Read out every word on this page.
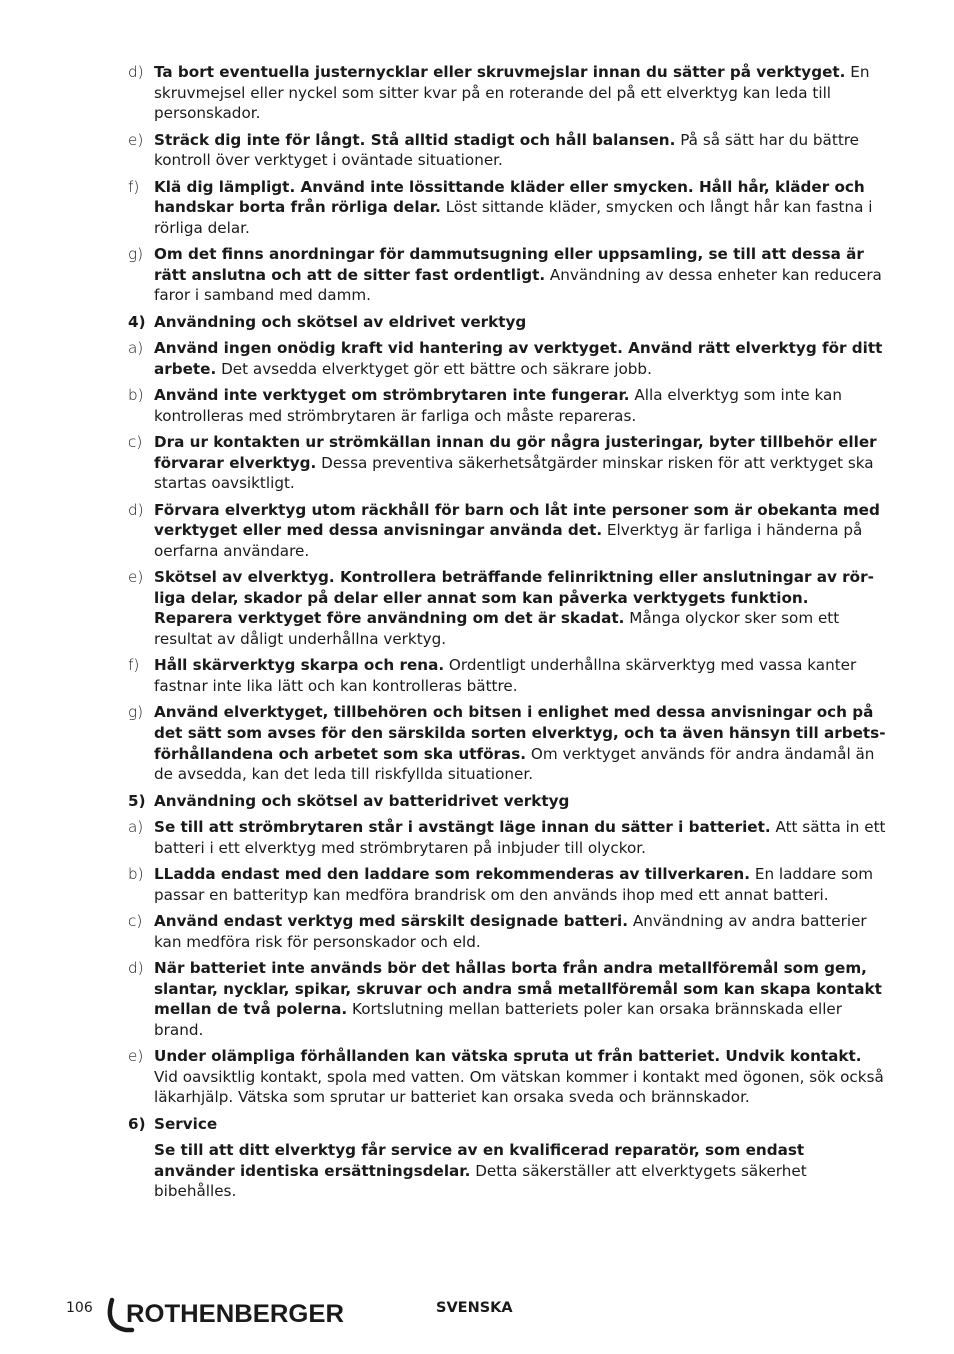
d) Ta bort eventuella justernycklar eller skruvmejslar innan du sätter på verktyget. En skruvmejsel eller nyckel som sitter kvar på en roterande del på ett elverktyg kan leda till personskador.
e) Sträck dig inte för långt. Stå alltid stadigt och håll balansen. På så sätt har du bättre kontroll över verktyget i oväntade situationer.
f) Klä dig lämpligt. Använd inte lössittande kläder eller smycken. Håll hår, kläder och handskar borta från rörliga delar. Löst sittande kläder, smycken och långt hår kan fastna i rörliga delar.
g) Om det finns anordningar för dammutsugning eller uppsamling, se till att dessa är rätt anslutna och att de sitter fast ordentligt. Användning av dessa enheter kan reducera faror i samband med damm.
4) Användning och skötsel av eldrivet verktyg
a) Använd ingen onödig kraft vid hantering av verktyget. Använd rätt elverktyg för ditt arbete. Det avsedda elverktyget gör ett bättre och säkrare jobb.
b) Använd inte verktyget om strömbrytaren inte fungerar. Alla elverktyg som inte kan kontrolleras med strömbrytaren är farliga och måste repareras.
c) Dra ur kontakten ur strömkällan innan du gör några justeringar, byter tillbehör eller förvarar elverktyg. Dessa preventiva säkerhetsåtgärder minskar risken för att verktyget ska startas oavsiktligt.
d) Förvara elverktyg utom räckhåll för barn och låt inte personer som är obekanta med verktyget eller med dessa anvisningar använda det. Elverktyg är farliga i händerna på oerfarna användare.
e) Skötsel av elverktyg. Kontrollera beträffande felinriktning eller anslutningar av rör-liga delar, skador på delar eller annat som kan påverka verktygets funktion. Reparera verktyget före användning om det är skadat. Många olyckor sker som ett resultat av dåligt underhållna verktyg.
f) Håll skärverktyg skarpa och rena. Ordentligt underhållna skärverktyg med vassa kanter fastnar inte lika lätt och kan kontrolleras bättre.
g) Använd elverktyget, tillbehören och bitsen i enlighet med dessa anvisningar och på det sätt som avses för den särskilda sorten elverktyg, och ta även hänsyn till arbets-förhållandena och arbetet som ska utföras. Om verktyget används för andra ändamål än de avsedda, kan det leda till riskfyllda situationer.
5) Användning och skötsel av batteridrivet verktyg
a) Se till att strömbrytaren står i avstängt läge innan du sätter i batteriet. Att sätta in ett batteri i ett elverktyg med strömbrytaren på inbjuder till olyckor.
b) LLadda endast med den laddare som rekommenderas av tillverkaren. En laddare som passar en batterityp kan medföra brandrisk om den används ihop med ett annat batteri.
c) Använd endast verktyg med särskilt designade batteri. Användning av andra batterier kan medföra risk för personskador och eld.
d) När batteriet inte används bör det hållas borta från andra metallföremål som gem, slantar, nycklar, spikar, skruvar och andra små metallföremål som kan skapa kontakt mellan de två polerna. Kortslutning mellan batteriets poler kan orsaka brännskada eller brand.
e) Under olämpliga förhållanden kan vätska spruta ut från batteriet. Undvik kontakt. Vid oavsiktlig kontakt, spola med vatten. Om vätskan kommer i kontakt med ögonen, sök också läkarhjälp. Vätska som sprutar ur batteriet kan orsaka sveda och brännskador.
6) Service
Se till att ditt elverktyg får service av en kvalificerad reparatör, som endast använder identiska ersättningsdelar. Detta säkerställer att elverktygets säkerhet bibehålles.
106 ROTHENBERGER	SVENSKA
